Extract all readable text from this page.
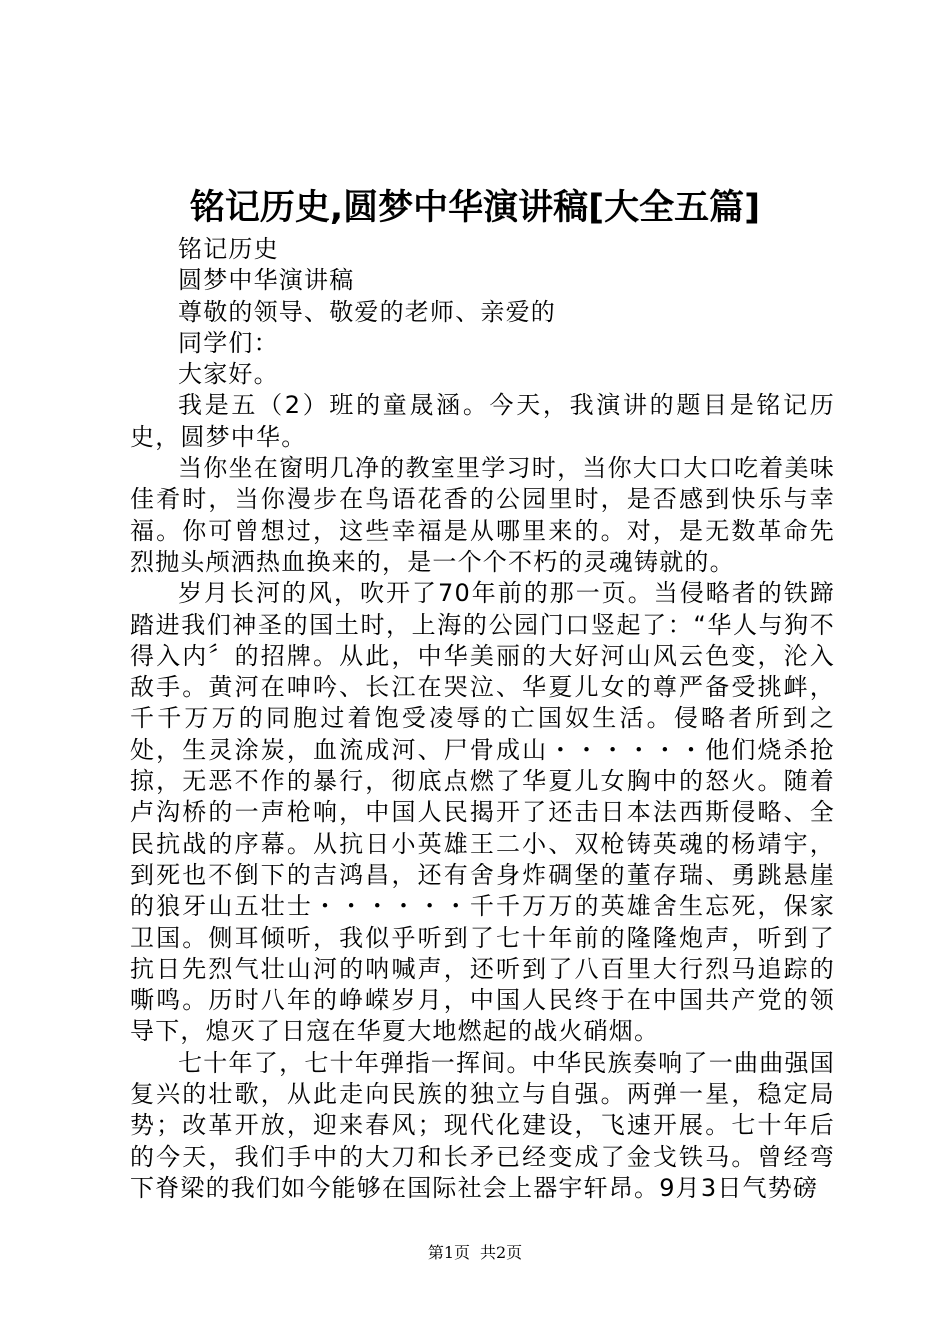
铭记历史,圆梦中华演讲稿[大全五篇]

铭记历史

圆梦中华演讲稿

尊敬的领导、敬爱的老师、亲爱的

同学们：

大家好。

我是五（2）班的童晟涵。今天，我演讲的题目是铭记历史，圆梦中华。

当你坐在窗明几净的教室里学习时，当你大口大口吃着美味佳肴时，当你漫步在鸟语花香的公园里时，是否感到快乐与幸福。你可曾想过，这些幸福是从哪里来的。对，是无数革命先烈抛头颅洒热血换来的，是一个个不朽的灵魂铸就的。

岁月长河的风，吹开了70年前的那一页。当侵略者的铁蹄踏进我们神圣的国土时，上海的公园门口竖起了：“华人与狗不得入内〞的招牌。从此，中华美丽的大好河山风云色变，沦入敌手。黄河在呻吟、长江在哭泣、华夏儿女的尊严备受挑衅，千千万万的同胞过着饱受凌辱的亡国奴生活。侵略者所到之处，生灵涂炭，血流成河、尸骨成山・・・・・・他们烧杀抢掠，无恶不作的暴行，彻底点燃了华夏儿女胸中的怒火。随着卢沟桥的一声枪响，中国人民揭开了还击日本法西斯侵略、全民抗战的序幕。从抗日小英雄王二小、双枪铸英魂的杨靖宇，到死也不倒下的吉鸿昌，还有舍身炸碉堡的董存瑞、勇跳悬崖的狼牙山五壮士・・・・・・千千万万的英雄舍生忘死，保家卫国。侧耳倾听，我似乎听到了七十年前的隆隆炮声，听到了抗日先烈气壮山河的呐喊声，还听到了八百里大行烈马追踪的嘶鸣。历时八年的峥嵘岁月，中国人民终于在中国共产党的领导下，熄灭了日寇在华夏大地燃起的战火硝烟。

七十年了，七十年弹指一挥间。中华民族奏响了一曲曲强国复兴的壮歌，从此走向民族的独立与自强。两弹一星，稳定局势；改革开放，迎来春风；现代化建设，飞速开展。七十年后的今天，我们手中的大刀和长矛已经变成了金戈铁马。曾经弯下脊梁的我们如今能够在国际社会上器宇轩昂。9月3日气势磅

第1页 共2页
